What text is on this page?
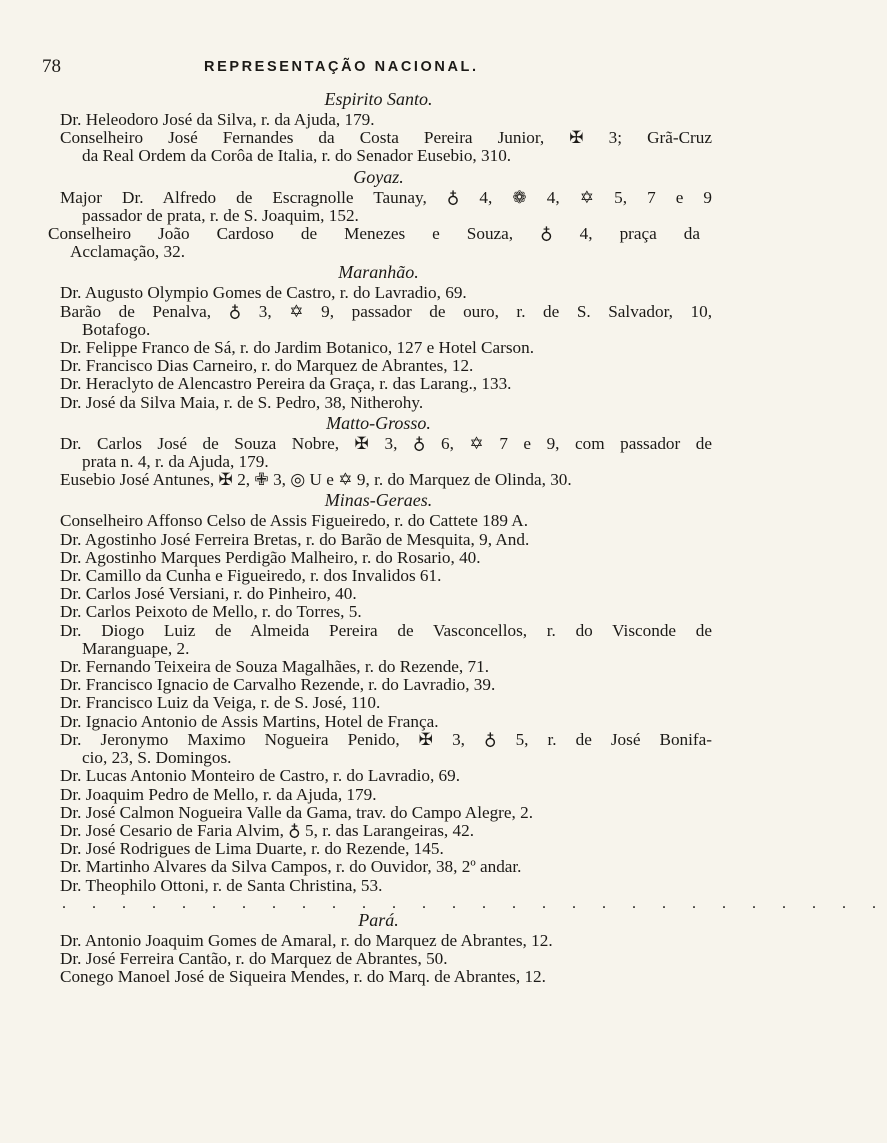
78	REPRESENTAÇÃO NACIONAL.
Espirito Santo.
Dr. Heleodoro José da Silva, r. da Ajuda, 179.
Conselheiro José Fernandes da Costa Pereira Junior, ✠ 3; Grã-Cruz
da Real Ordem da Corôa de Italia, r. do Senador Eusebio, 310.
Goyaz.
Major Dr. Alfredo de Escragnolle Taunay, ♁ 4, ❁ 4, ✡ 5, 7 e 9
passador de prata, r. de S. Joaquim, 152.
Conselheiro João Cardoso de Menezes e Souza, ♁ 4, praça da
Acclamação, 32.
Maranhão.
Dr. Augusto Olympio Gomes de Castro, r. do Lavradio, 69.
Barão de Penalva, ♁ 3, ✡ 9, passador de ouro, r. de S. Salvador, 10,
Botafogo.
Dr. Felippe Franco de Sá, r. do Jardim Botanico, 127 e Hotel Carson.
Dr. Francisco Dias Carneiro, r. do Marquez de Abrantes, 12.
Dr. Heraclyto de Alencastro Pereira da Graça, r. das Larang., 133.
Dr. José da Silva Maia, r. de S. Pedro, 38, Nitherohy.
Matto-Grosso.
Dr. Carlos José de Souza Nobre, ✠ 3, ♁ 6, ✡ 7 e 9, com passador de
prata n. 4, r. da Ajuda, 179.
Eusebio José Antunes, ✠ 2, ✙ 3, ◎ U e ✡ 9, r. do Marquez de Olinda, 30.
Minas-Geraes.
Conselheiro Affonso Celso de Assis Figueiredo, r. do Cattete 189 A.
Dr. Agostinho José Ferreira Bretas, r. do Barão de Mesquita, 9, And.
Dr. Agostinho Marques Perdigão Malheiro, r. do Rosario, 40.
Dr. Camillo da Cunha e Figueiredo, r. dos Invalidos 61.
Dr. Carlos José Versiani, r. do Pinheiro, 40.
Dr. Carlos Peixoto de Mello, r. do Torres, 5.
Dr. Diogo Luiz de Almeida Pereira de Vasconcellos, r. do Visconde de
Maranguape, 2.
Dr. Fernando Teixeira de Souza Magalhães, r. do Rezende, 71.
Dr. Francisco Ignacio de Carvalho Rezende, r. do Lavradio, 39.
Dr. Francisco Luiz da Veiga, r. de S. José, 110.
Dr. Ignacio Antonio de Assis Martins, Hotel de França.
Dr. Jeronymo Maximo Nogueira Penido, ✠ 3, ♁ 5, r. de José Bonifa-
cio, 23, S. Domingos.
Dr. Lucas Antonio Monteiro de Castro, r. do Lavradio, 69.
Dr. Joaquim Pedro de Mello, r. da Ajuda, 179.
Dr. José Calmon Nogueira Valle da Gama, trav. do Campo Alegre, 2.
Dr. José Cesario de Faria Alvim, ♁ 5, r. das Larangeiras, 42.
Dr. José Rodrigues de Lima Duarte, r. do Rezende, 145.
Dr. Martinho Alvares da Silva Campos, r. do Ouvidor, 38, 2º andar.
Dr. Theophilo Ottoni, r. de Santa Christina, 53.
. . . . . . . . . . . . . . . . . . . . . . . . . . . .
Pará.
Dr. Antonio Joaquim Gomes de Amaral, r. do Marquez de Abrantes, 12.
Dr. José Ferreira Cantão, r. do Marquez de Abrantes, 50.
Conego Manoel José de Siqueira Mendes, r. do Marq. de Abrantes, 12.
